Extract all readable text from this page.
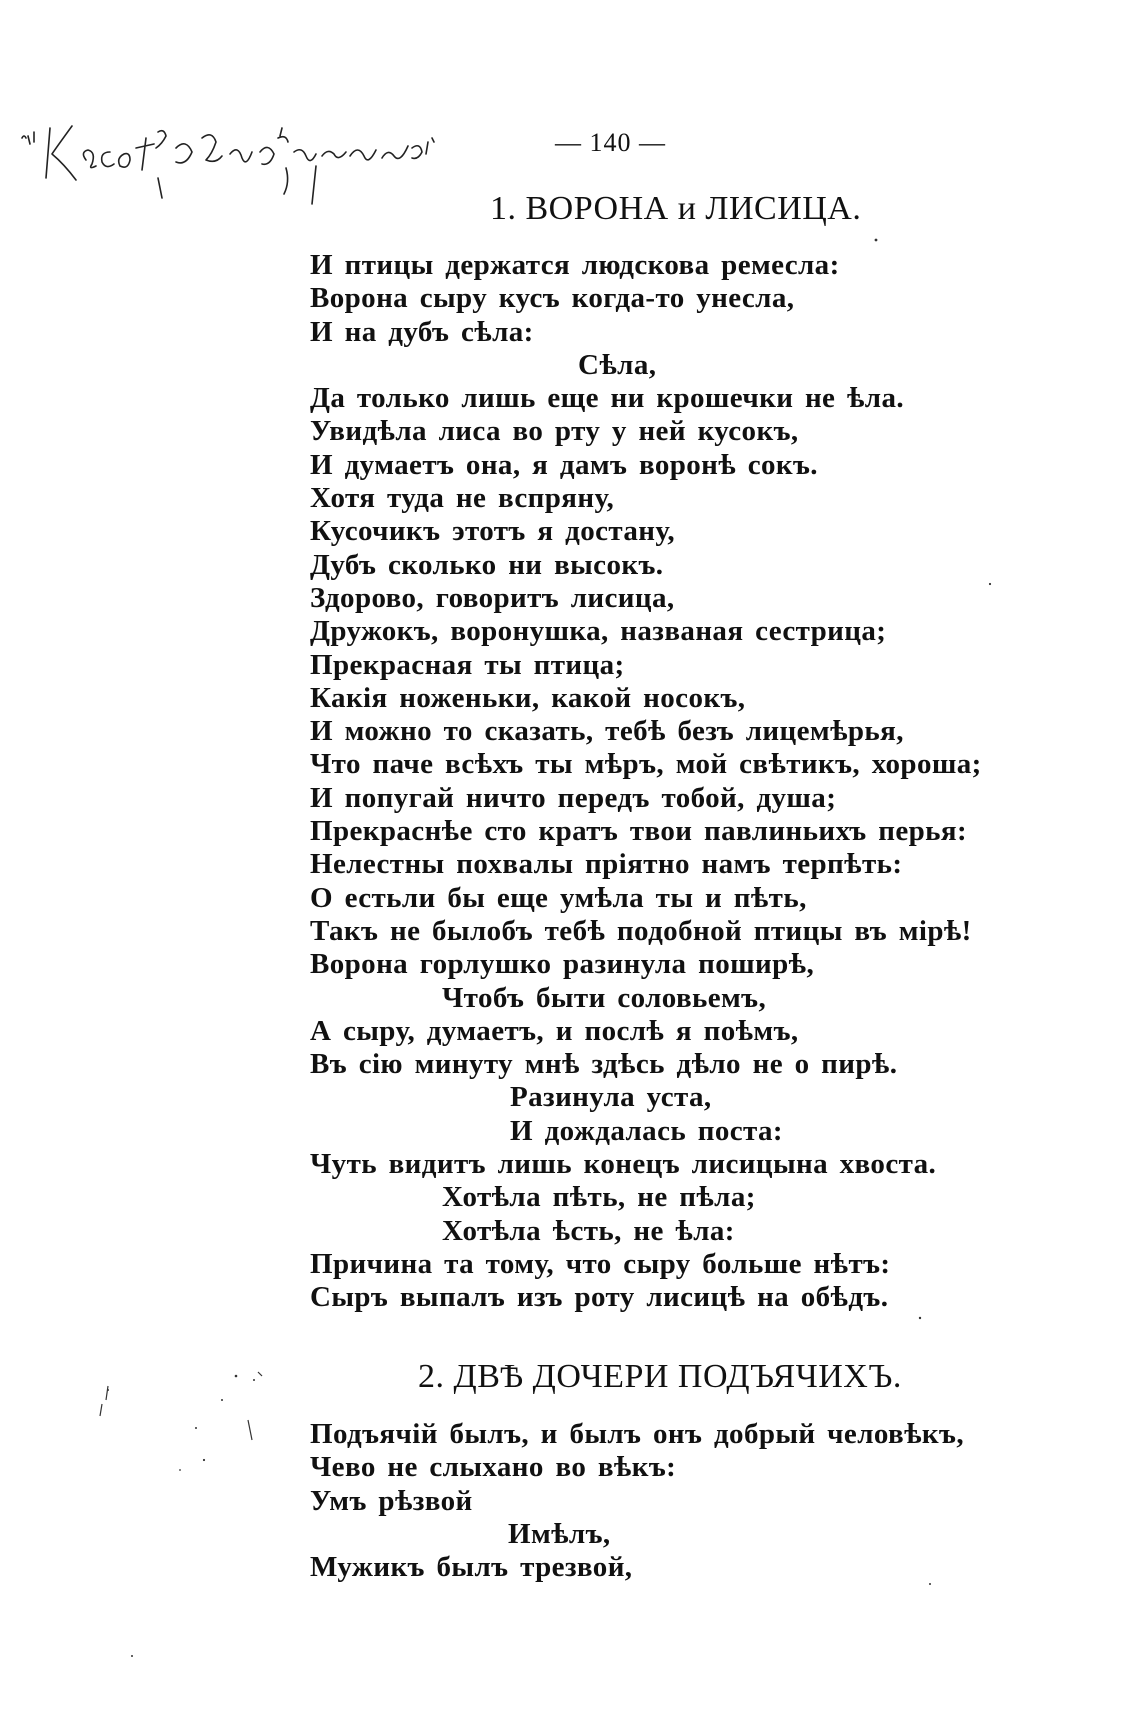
— 140 —
1. ВОРОНА и ЛИСИЦА.
И птицы держатся людскова ремесла:
Ворона сыру кусъ когда-то унесла,
И на дубъ сѣла:
Сѣла,
Да только лишь еще ни крошечки не ѣла.
Увидѣла лиса во рту у ней кусокъ,
И думаетъ она, я дамъ воронѣ сокъ.
Хотя туда не вспряну,
Кусочикъ этотъ я достану,
Дубъ сколько ни высокъ.
Здорово, говоритъ лисица,
Дружокъ, воронушка, названая сестрица;
Прекрасная ты птица;
Какія ноженьки, какой носокъ,
И можно то сказать, тебѣ безъ лицемѣрья,
Что паче всѣхъ ты мѣръ, мой свѣтикъ, хороша;
И попугай ничто передъ тобой, душа;
Прекраснѣе сто кратъ твои павлиньихъ перья:
Нелестны похвалы пріятно намъ терпѣть:
О естьли бы еще умѣла ты и пѣть,
Такъ не былобъ тебѣ подобной птицы въ мірѣ!
Ворона горлушко разинула поширѣ,
Чтобъ быти соловьемъ,
А сыру, думаетъ, и послѣ я поѣмъ,
Въ сію минуту мнѣ здѣсь дѣло не о пирѣ.
Разинула уста,
И дождалась поста:
Чуть видитъ лишь конецъ лисицына хвоста.
Хотѣла пѣть, не пѣла;
Хотѣла ѣсть, не ѣла:
Причина та тому, что сыру больше нѣтъ:
Сыръ выпалъ изъ роту лисицѣ на обѣдъ.
2. ДВѢ ДОЧЕРИ ПОДЪЯЧИХЪ.
Подъячій былъ, и былъ онъ добрый человѣкъ,
Чево не слыхано во вѣкъ:
Умъ рѣзвой
Имѣлъ,
Мужикъ былъ трезвой,
